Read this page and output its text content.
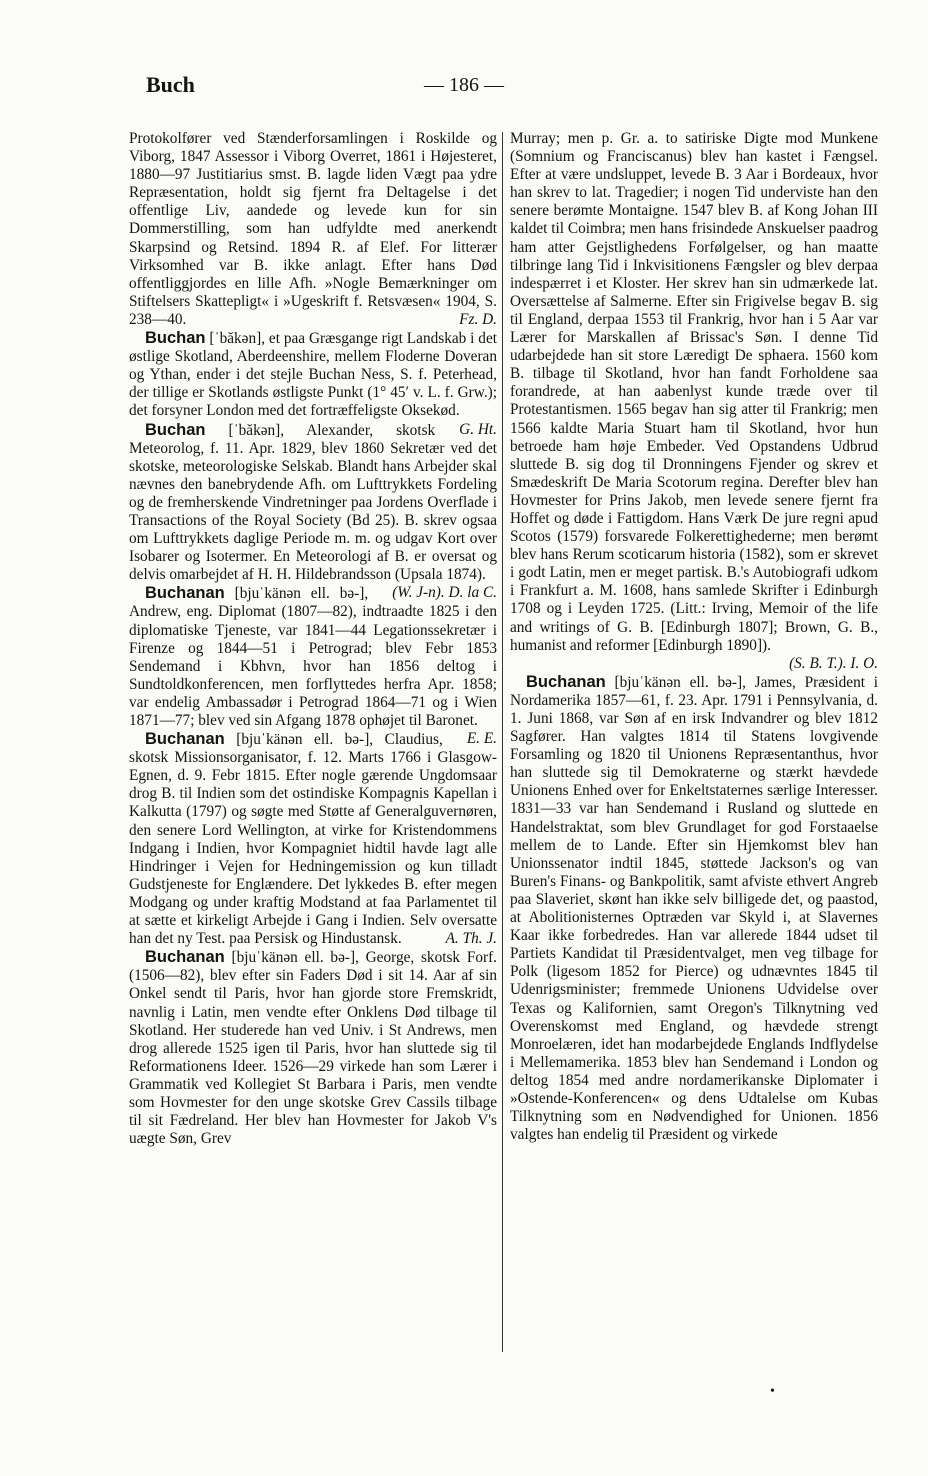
Buch	— 186 —

Protokolfører ved Stænderforsamlingen i Roskilde og Viborg, 1847 Assessor i Viborg Overret, 1861 i Højesteret, 1880—97 Justitiarius smst. B. lagde liden Vægt paa ydre Repræsentation, holdt sig fjernt fra Deltagelse i det offentlige Liv, aandede og levede kun for sin Dommerstilling, som han udfyldte med anerkendt Skarpsind og Retsind. 1894 R. af Elef. For litterær Virksomhed var B. ikke anlagt. Efter hans Død offentliggjordes en lille Afh. »Nogle Bemærkninger om Stiftelsers Skattepligt« i »Ugeskrift f. Retsvæsen« 1904, S. 238—40.	Fz. D.

Buchan [ˈbăkən], et paa Græsgange rigt Landskab i det østlige Skotland, Aberdeenshire, mellem Floderne Doveran og Ythan, ender i det stejle Buchan Ness, S. f. Peterhead, der tillige er Skotlands østligste Punkt (1° 45′ v. L. f. Grw.); det forsyner London med det fortræffeligste Oksekød.
G. Ht.

Buchan [ˈbăkən], Alexander, skotsk Meteorolog, f. 11. Apr. 1829, blev 1860 Sekretær ved det skotske, meteorologiske Selskab. Blandt hans Arbejder skal nævnes den banebrydende Afh. om Lufttrykkets Fordeling og de fremherskende Vindretninger paa Jordens Overflade i Transactions of the Royal Society (Bd 25). B. skrev ogsaa om Lufttrykkets daglige Periode m. m. og udgav Kort over Isobarer og Isotermer. En Meteorologi af B. er oversat og delvis omarbejdet af H. H. Hildebrandsson (Upsala 1874).
(W. J-n). D. la C.

Buchanan [bjuˈkänən ell. bə-], Andrew, eng. Diplomat (1807—82), indtraadte 1825 i den diplomatiske Tjeneste, var 1841—44 Legationssekretær i Firenze og 1844—51 i Petrograd; blev Febr 1853 Sendemand i Kbhvn, hvor han 1856 deltog i Sundtoldkonferencen, men forflyttedes herfra Apr. 1858; var endelig Ambassadør i Petrograd 1864—71 og i Wien 1871—77; blev ved sin Afgang 1878 ophøjet til Baronet.
E. E.

Buchanan [bjuˈkänən ell. bə-], Claudius, skotsk Missionsorganisator, f. 12. Marts 1766 i Glasgow-Egnen, d. 9. Febr 1815. Efter nogle gærende Ungdomsaar drog B. til Indien som det ostindiske Kompagnis Kapellan i Kalkutta (1797) og søgte med Støtte af Generalguvernøren, den senere Lord Wellington, at virke for Kristendommens Indgang i Indien, hvor Kompagniet hidtil havde lagt alle Hindringer i Vejen for Hedningemission og kun tilladt Gudstjeneste for Englændere. Det lykkedes B. efter megen Modgang og under kraftig Modstand at faa Parlamentet til at sætte et kirkeligt Arbejde i Gang i Indien. Selv oversatte han det ny Test. paa Persisk og Hindustansk.	A. Th. J.

Buchanan [bjuˈkänən ell. bə-], George, skotsk Forf. (1506—82), blev efter sin Faders Død i sit 14. Aar af sin Onkel sendt til Paris, hvor han gjorde store Fremskridt, navnlig i Latin, men vendte efter Onklens Død tilbage til Skotland. Her studerede han ved Univ. i St Andrews, men drog allerede 1525 igen til Paris, hvor han sluttede sig til Reformationens Ideer. 1526—29 virkede han som Lærer i Grammatik ved Kollegiet St Barbara i Paris, men vendte som Hovmester for den unge skotske Grev Cassils tilbage til sit Fædreland. Her blev han Hovmester for Jakob V's uægte Søn, Grev

Murray; men p. Gr. a. to satiriske Digte mod Munkene (Somnium og Franciscanus) blev han kastet i Fængsel. Efter at være undsluppet, levede B. 3 Aar i Bordeaux, hvor han skrev to lat. Tragedier; i nogen Tid underviste han den senere berømte Montaigne. 1547 blev B. af Kong Johan III kaldet til Coimbra; men hans frisindede Anskuelser paadrog ham atter Gejstlighedens Forfølgelser, og han maatte tilbringe lang Tid i Inkvisitionens Fængsler og blev derpaa indespærret i et Kloster. Her skrev han sin udmærkede lat. Oversættelse af Salmerne. Efter sin Frigivelse begav B. sig til England, derpaa 1553 til Frankrig, hvor han i 5 Aar var Lærer for Marskallen af Brissac's Søn. I denne Tid udarbejdede han sit store Læredigt De sphaera. 1560 kom B. tilbage til Skotland, hvor han fandt Forholdene saa forandrede, at han aabenlyst kunde træde over til Protestantismen. 1565 begav han sig atter til Frankrig; men 1566 kaldte Maria Stuart ham til Skotland, hvor hun betroede ham høje Embeder. Ved Opstandens Udbrud sluttede B. sig dog til Dronningens Fjender og skrev et Smædeskrift De Maria Scotorum regina. Derefter blev han Hovmester for Prins Jakob, men levede senere fjernt fra Hoffet og døde i Fattigdom. Hans Værk De jure regni apud Scotos (1579) forsvarede Folkerettighederne; men berømt blev hans Rerum scoticarum historia (1582), som er skrevet i godt Latin, men er meget partisk. B.'s Autobiografi udkom i Frankfurt a. M. 1608, hans samlede Skrifter i Edinburgh 1708 og i Leyden 1725. (Litt.: Irving, Memoir of the life and writings of G. B. [Edinburgh 1807]; Brown, G. B., humanist and reformer [Edinburgh 1890]).

(S. B. T.). I. O.

Buchanan [bjuˈkänən ell. bə-], James, Præsident i Nordamerika 1857—61, f. 23. Apr. 1791 i Pennsylvania, d. 1. Juni 1868, var Søn af en irsk Indvandrer og blev 1812 Sagfører. Han valgtes 1814 til Statens lovgivende Forsamling og 1820 til Unionens Repræsentanthus, hvor han sluttede sig til Demokraterne og stærkt hævdede Unionens Enhed over for Enkeltstaternes særlige Interesser. 1831—33 var han Sendemand i Rusland og sluttede en Handelstraktat, som blev Grundlaget for god Forstaaelse mellem de to Lande. Efter sin Hjemkomst blev han Unionssenator indtil 1845, støttede Jackson's og van Buren's Finans- og Bankpolitik, samt afviste ethvert Angreb paa Slaveriet, skønt han ikke selv billigede det, og paastod, at Abolitionisternes Optræden var Skyld i, at Slavernes Kaar ikke forbedredes. Han var allerede 1844 udset til Partiets Kandidat til Præsidentvalget, men veg tilbage for Polk (ligesom 1852 for Pierce) og udnævntes 1845 til Udenrigsminister; fremmede Unionens Udvidelse over Texas og Kalifornien, samt Oregon's Tilknytning ved Overenskomst med England, og hævdede strengt Monroelæren, idet han modarbejdede Englands Indflydelse i Mellemamerika. 1853 blev han Sendemand i London og deltog 1854 med andre nordamerikanske Diplomater i »Ostende-Konferencen« og dens Udtalelse om Kubas Tilknytning som en Nødvendighed for Unionen. 1856 valgtes han endelig til Præsident og virkede

•
